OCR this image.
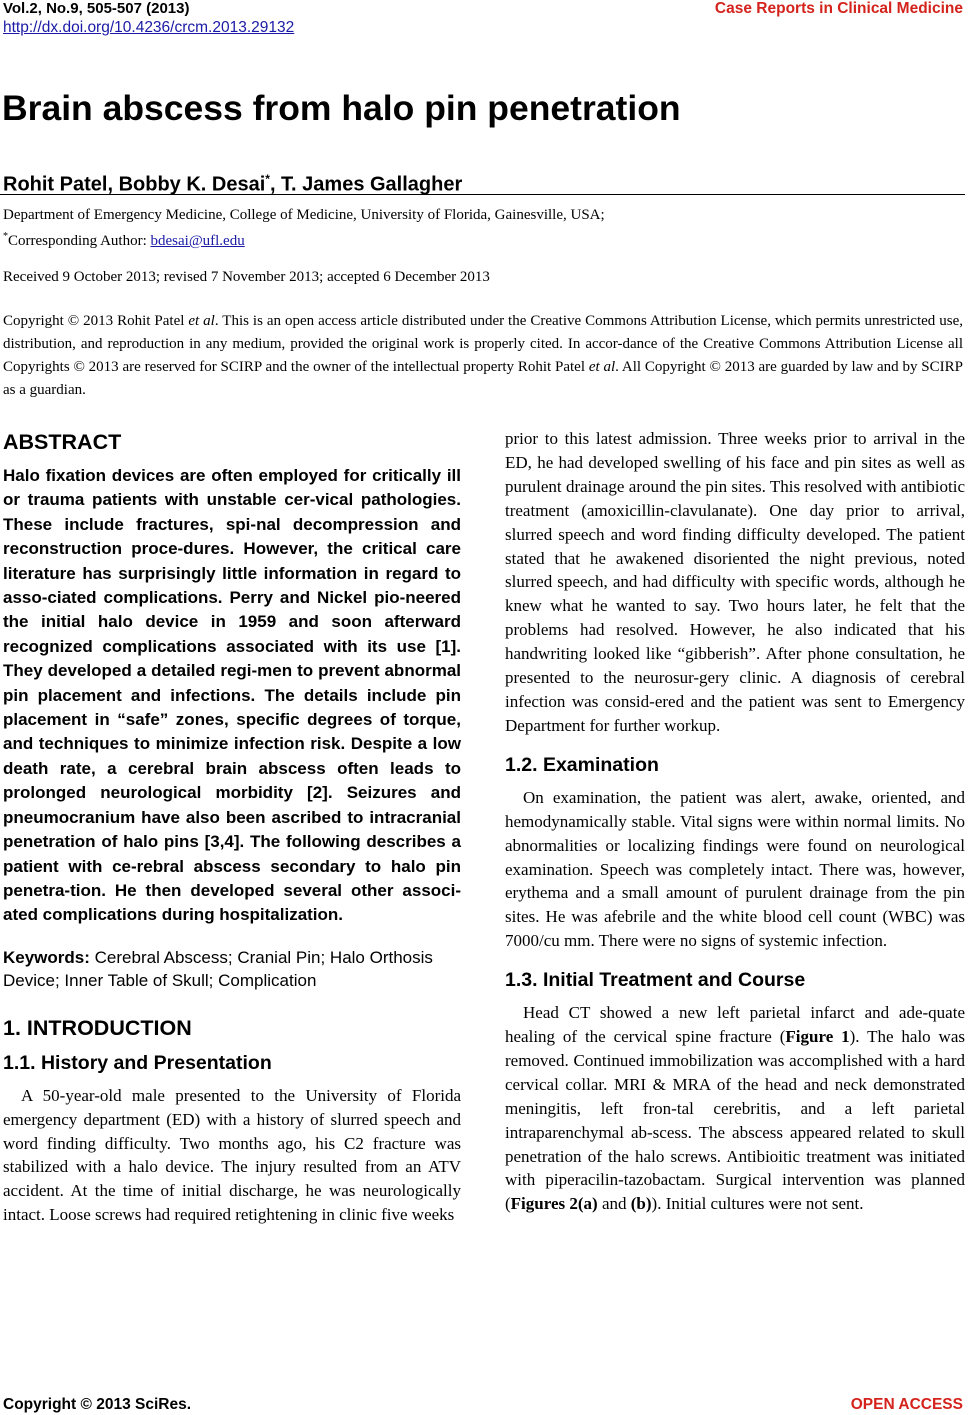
Vol.2, No.9, 505-507 (2013)
http://dx.doi.org/10.4236/crcm.2013.29132
Case Reports in Clinical Medicine
Brain abscess from halo pin penetration
Rohit Patel, Bobby K. Desai*, T. James Gallagher
Department of Emergency Medicine, College of Medicine, University of Florida, Gainesville, USA;
*Corresponding Author: bdesai@ufl.edu
Received 9 October 2013; revised 7 November 2013; accepted 6 December 2013
Copyright © 2013 Rohit Patel et al. This is an open access article distributed under the Creative Commons Attribution License, which permits unrestricted use, distribution, and reproduction in any medium, provided the original work is properly cited. In accor-dance of the Creative Commons Attribution License all Copyrights © 2013 are reserved for SCIRP and the owner of the intellectual property Rohit Patel et al. All Copyright © 2013 are guarded by law and by SCIRP as a guardian.
ABSTRACT

Halo fixation devices are often employed for critically ill or trauma patients with unstable cer-vical pathologies. These include fractures, spi-nal decompression and reconstruction proce-dures. However, the critical care literature has surprisingly little information in regard to asso-ciated complications. Perry and Nickel pio-neered the initial halo device in 1959 and soon afterward recognized complications associated with its use [1]. They developed a detailed regi-men to prevent abnormal pin placement and infections. The details include pin placement in “safe” zones, specific degrees of torque, and techniques to minimize infection risk. Despite a low death rate, a cerebral brain abscess often leads to prolonged neurological morbidity [2]. Seizures and pneumocranium have also been ascribed to intracranial penetration of halo pins [3,4]. The following describes a patient with ce-rebral abscess secondary to halo pin penetra-tion. He then developed several other associ-ated complications during hospitalization.

Keywords: Cerebral Abscess; Cranial Pin; Halo Orthosis Device; Inner Table of Skull; Complication

1. INTRODUCTION
1.1. History and Presentation

A 50-year-old male presented to the University of Florida emergency department (ED) with a history of slurred speech and word finding difficulty. Two months ago, his C2 fracture was stabilized with a halo device. The injury resulted from an ATV accident. At the time of initial discharge, he was neurologically intact. Loose screws had required retightening in clinic five weeks

prior to this latest admission. Three weeks prior to arrival in the ED, he had developed swelling of his face and pin sites as well as purulent drainage around the pin sites. This resolved with antibiotic treatment (amoxicillin-clavulanate). One day prior to arrival, slurred speech and word finding difficulty developed. The patient stated that he awakened disoriented the night previous, noted slurred speech, and had difficulty with specific words, although he knew what he wanted to say. Two hours later, he felt that the problems had resolved. However, he also indicated that his handwriting looked like “gibberish”. After phone consultation, he presented to the neurosur-gery clinic. A diagnosis of cerebral infection was consid-ered and the patient was sent to Emergency Department for further workup.

1.2. Examination

On examination, the patient was alert, awake, oriented, and hemodynamically stable. Vital signs were within normal limits. No abnormalities or localizing findings were found on neurological examination. Speech was completely intact. There was, however, erythema and a small amount of purulent drainage from the pin sites. He was afebrile and the white blood cell count (WBC) was 7000/cu mm. There were no signs of systemic infection.

1.3. Initial Treatment and Course

Head CT showed a new left parietal infarct and ade-quate healing of the cervical spine fracture (Figure 1). The halo was removed. Continued immobilization was accomplished with a hard cervical collar. MRI & MRA of the head and neck demonstrated meningitis, left fron-tal cerebritis, and a left parietal intraparenchymal ab-scess. The abscess appeared related to skull penetration of the halo screws. Antibioitic treatment was initiated with piperacilin-tazobactam. Surgical intervention was planned (Figures 2(a) and (b)). Initial cultures were not sent.

Copyright © 2013 SciRes.	OPEN ACCESS
